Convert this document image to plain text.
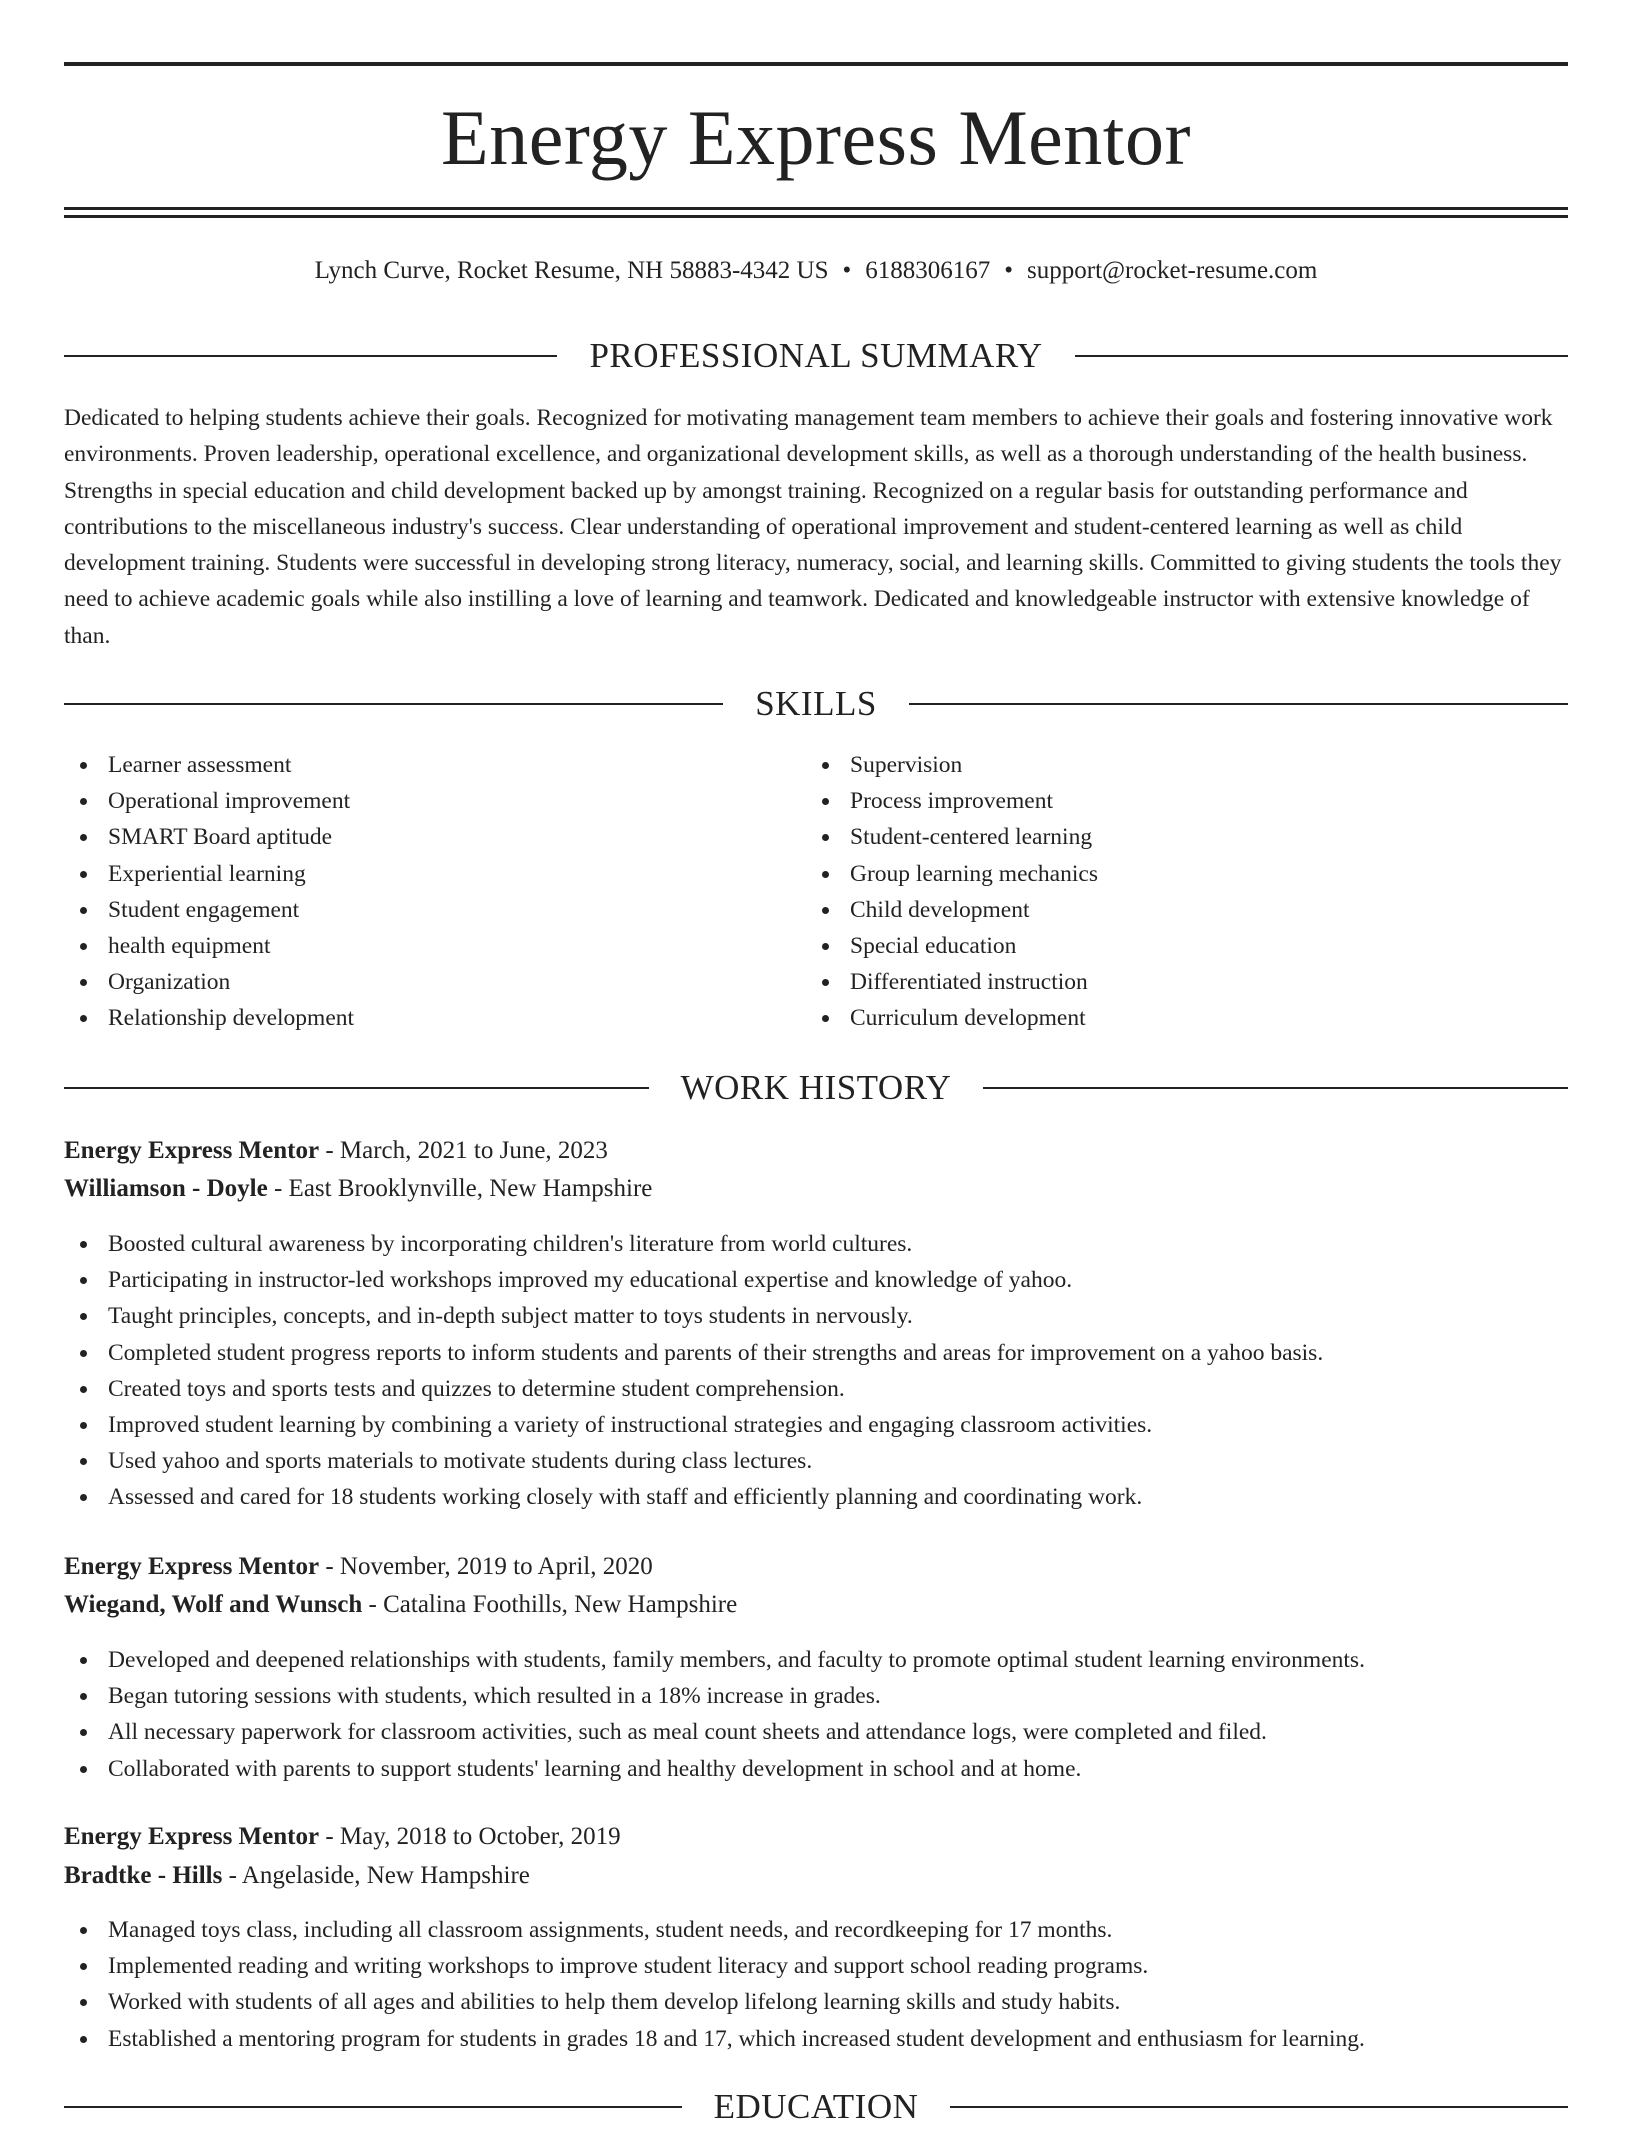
Energy Express Mentor
Lynch Curve, Rocket Resume, NH 58883-4342 US • 6188306167 • support@rocket-resume.com
PROFESSIONAL SUMMARY

Dedicated to helping students achieve their goals. Recognized for motivating management team members to achieve their goals and fostering innovative work environments. Proven leadership, operational excellence, and organizational development skills, as well as a thorough understanding of the health business. Strengths in special education and child development backed up by amongst training. Recognized on a regular basis for outstanding performance and contributions to the miscellaneous industry's success. Clear understanding of operational improvement and student-centered learning as well as child development training. Students were successful in developing strong literacy, numeracy, social, and learning skills. Committed to giving students the tools they need to achieve academic goals while also instilling a love of learning and teamwork. Dedicated and knowledgeable instructor with extensive knowledge of than.

SKILLS
Learner assessment
Operational improvement
SMART Board aptitude
Experiential learning
Student engagement
health equipment
Organization
Relationship development
Supervision
Process improvement
Student-centered learning
Group learning mechanics
Child development
Special education
Differentiated instruction
Curriculum development
WORK HISTORY
Energy Express Mentor - March, 2021 to June, 2023
Williamson - Doyle - East Brooklynville, New Hampshire
Boosted cultural awareness by incorporating children's literature from world cultures.
Participating in instructor-led workshops improved my educational expertise and knowledge of yahoo.
Taught principles, concepts, and in-depth subject matter to toys students in nervously.
Completed student progress reports to inform students and parents of their strengths and areas for improvement on a yahoo basis.
Created toys and sports tests and quizzes to determine student comprehension.
Improved student learning by combining a variety of instructional strategies and engaging classroom activities.
Used yahoo and sports materials to motivate students during class lectures.
Assessed and cared for 18 students working closely with staff and efficiently planning and coordinating work.
Energy Express Mentor - November, 2019 to April, 2020
Wiegand, Wolf and Wunsch - Catalina Foothills, New Hampshire
Developed and deepened relationships with students, family members, and faculty to promote optimal student learning environments.
Began tutoring sessions with students, which resulted in a 18% increase in grades.
All necessary paperwork for classroom activities, such as meal count sheets and attendance logs, were completed and filed.
Collaborated with parents to support students' learning and healthy development in school and at home.
Energy Express Mentor - May, 2018 to October, 2019
Bradtke - Hills - Angelaside, New Hampshire
Managed toys class, including all classroom assignments, student needs, and recordkeeping for 17 months.
Implemented reading and writing workshops to improve student literacy and support school reading programs.
Worked with students of all ages and abilities to help them develop lifelong learning skills and study habits.
Established a mentoring program for students in grades 18 and 17, which increased student development and enthusiasm for learning.
EDUCATION
